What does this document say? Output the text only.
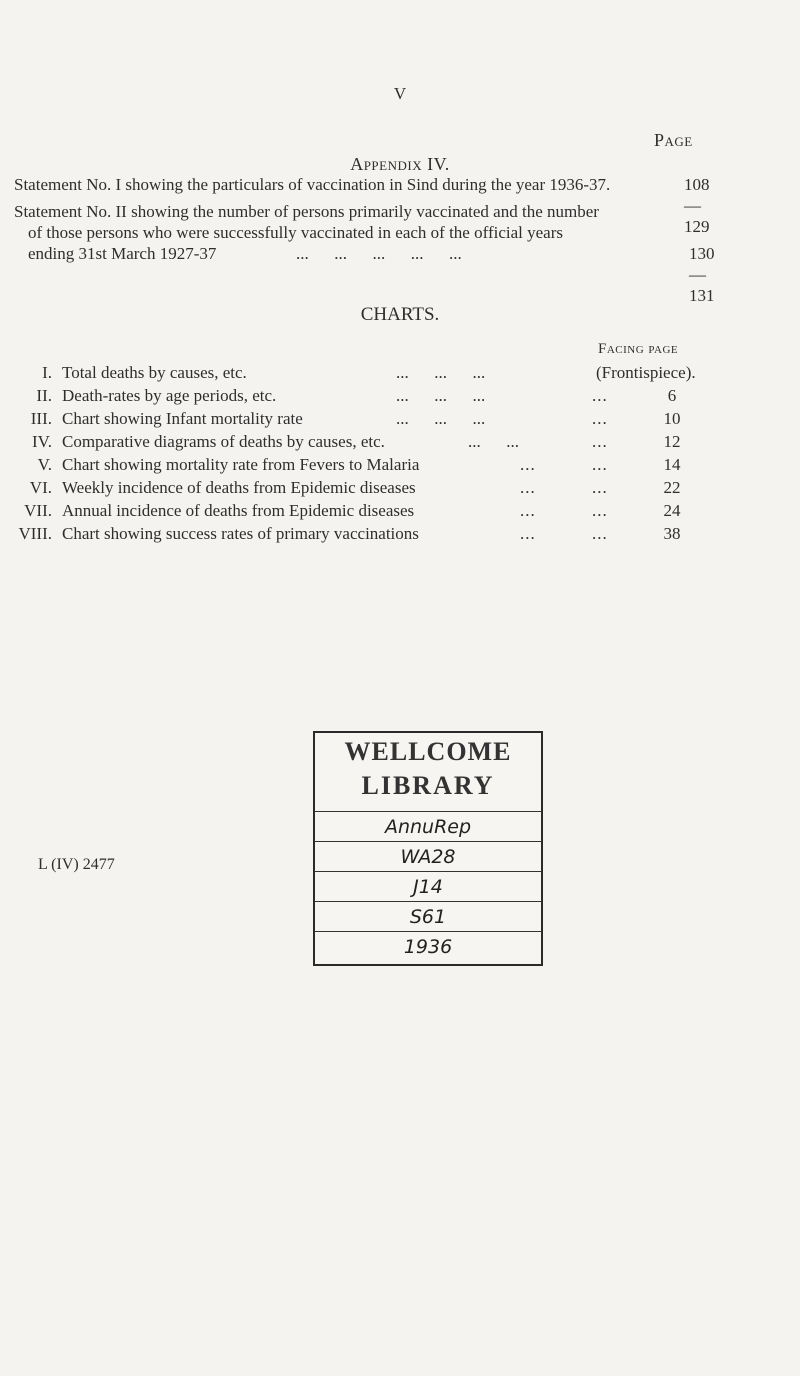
V
Page
Appendix IV.
Statement No. I showing the particulars of vaccination in Sind during the year 1936-37.	108—129
Statement No. II showing the number of persons primarily vaccinated and the number
of those persons who were successfully vaccinated in each of the official years
ending 31st March 1927-37	...      ...      ...      ...      ...	130—131
CHARTS.
Facing page
I. Total deaths by causes, etc.	...      ...      ...	(Frontispiece).
II. Death-rates by age periods, etc.	...      ...      ...	...	6
III. Chart showing Infant mortality rate	...      ...      ...	...	10
IV. Comparative diagrams of deaths by causes, etc.	...      ...	...	12
V. Chart showing mortality rate from Fevers to Malaria	...	...	14
VI. Weekly incidence of deaths from Epidemic diseases	...	...	22
VII. Annual incidence of deaths from Epidemic diseases	...	...	24
VIII. Chart showing success rates of primary vaccinations	...	...	38
L (IV) 2477
WELLCOME
LIBRARY
AnnuRep
WA28
J14
S61
1936
